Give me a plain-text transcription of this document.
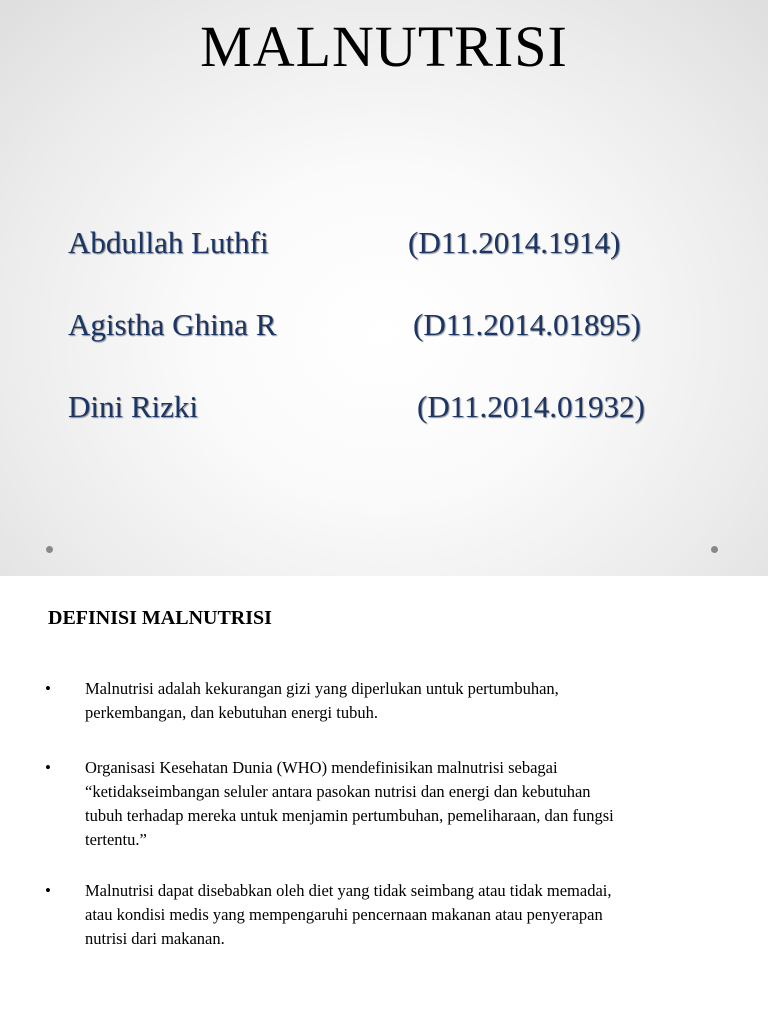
MALNUTRISI
Abdullah Luthfi	(D11.2014.1914)
Agistha Ghina R	(D11.2014.01895)
Dini Rizki	(D11.2014.01932)
DEFINISI MALNUTRISI
• Malnutrisi adalah kekurangan gizi yang diperlukan untuk pertumbuhan,
perkembangan, dan kebutuhan energi tubuh.
• Organisasi Kesehatan Dunia (WHO) mendefinisikan malnutrisi sebagai
“ketidakseimbangan seluler antara pasokan nutrisi dan energi dan kebutuhan
tubuh terhadap mereka untuk menjamin pertumbuhan, pemeliharaan, dan fungsi
tertentu.”
• Malnutrisi dapat disebabkan oleh diet yang tidak seimbang atau tidak memadai,
atau kondisi medis yang mempengaruhi pencernaan makanan atau penyerapan
nutrisi dari makanan.
